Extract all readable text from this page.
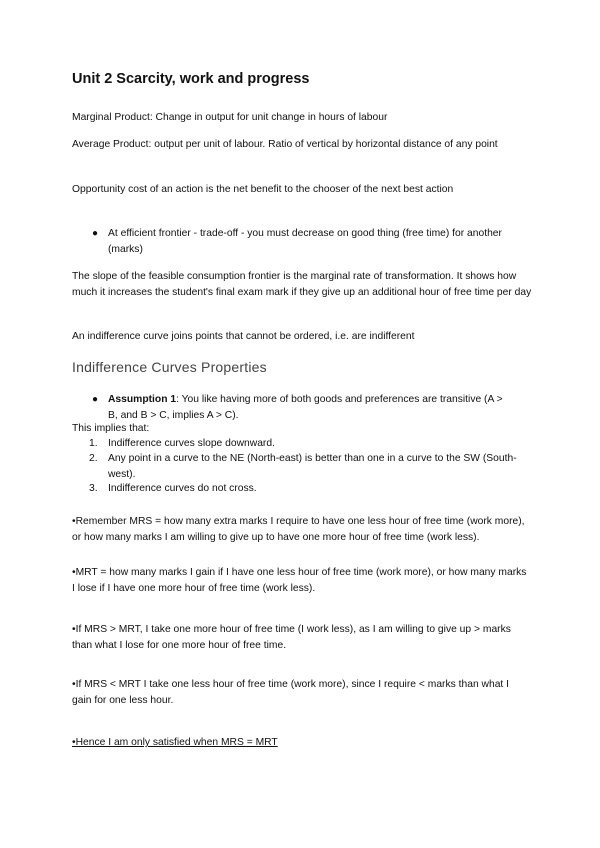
Unit 2 Scarcity, work and progress

Marginal Product: Change in output for unit change in hours of labour

Average Product: output per unit of labour. Ratio of vertical by horizontal distance of any point

Opportunity cost of an action is the net benefit to the chooser of the next best action

● At efficient frontier - trade-off - you must decrease on good thing (free time) for another (marks)

The slope of the feasible consumption frontier is the marginal rate of transformation. It shows how much it increases the student's final exam mark if they give up an additional hour of free time per day

An indifference curve joins points that cannot be ordered, i.e. are indifferent

Indifference Curves Properties
● Assumption 1: You like having more of both goods and preferences are transitive (A > B, and B > C, implies A > C).

This implies that:

1. Indifference curves slope downward.

2. Any point in a curve to the NE (North-east) is better than one in a curve to the SW (South-west).

3. Indifference curves do not cross.

•Remember MRS = how many extra marks I require to have one less hour of free time (work more), or how many marks I am willing to give up to have one more hour of free time (work less).

•MRT = how many marks I gain if I have one less hour of free time (work more), or how many marks I lose if I have one more hour of free time (work less).

•If MRS > MRT, I take one more hour of free time (I work less), as I am willing to give up > marks than what I lose for one more hour of free time.

•If MRS < MRT I take one less hour of free time (work more), since I require < marks than what I gain for one less hour.

•Hence I am only satisfied when MRS = MRT
